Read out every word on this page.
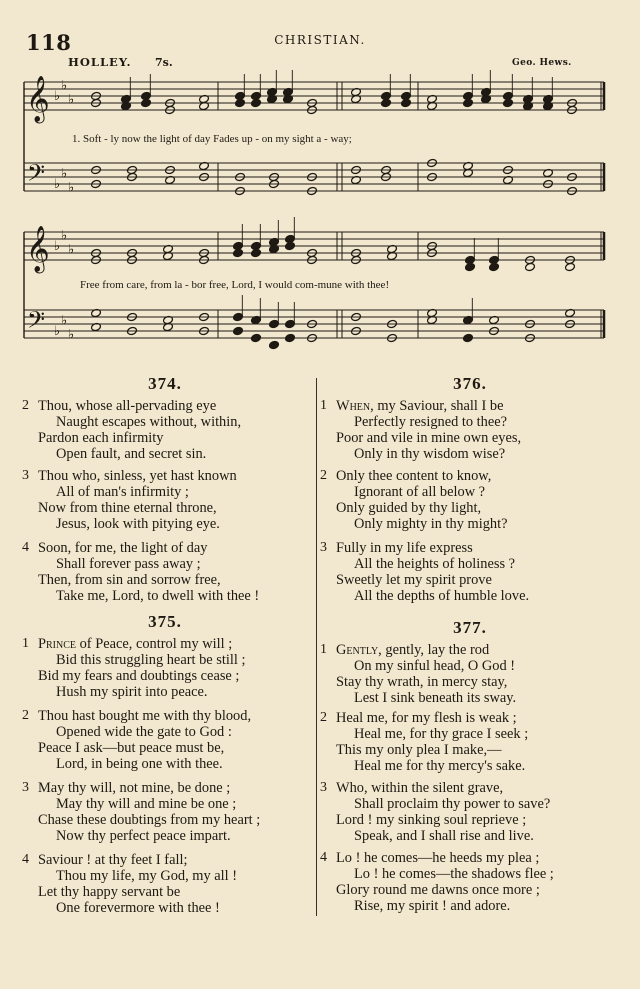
118	CHRISTIAN.
HOLLEY. 7s.	Geo. Hews.
𝄞
𝄢
♭
♭
♭
♭
♭
♭
𝄞
𝄢
♭
♭
♭
♭
♭
♭
1. Soft - ly now the light of day Fades up - on my sight a - way;
Free from care, from la - bor free, Lord, I would com-mune with thee!
374.
2 Thou, whose all-pervading eye
Naught escapes without, within,
Pardon each infirmity
Open fault, and secret sin.
3 Thou who, sinless, yet hast known
All of man's infirmity ;
Now from thine eternal throne,
Jesus, look with pitying eye.
4 Soon, for me, the light of day
Shall forever pass away ;
Then, from sin and sorrow free,
Take me, Lord, to dwell with thee !
375.
1 Prince of Peace, control my will ;
Bid this struggling heart be still ;
Bid my fears and doubtings cease ;
Hush my spirit into peace.
2 Thou hast bought me with thy blood,
Opened wide the gate to God :
Peace I ask—but peace must be,
Lord, in being one with thee.
3 May thy will, not mine, be done ;
May thy will and mine be one ;
Chase these doubtings from my heart ;
Now thy perfect peace impart.
4 Saviour ! at thy feet I fall;
Thou my life, my God, my all !
Let thy happy servant be
One forevermore with thee !
376.
1 When, my Saviour, shall I be
Perfectly resigned to thee?
Poor and vile in mine own eyes,
Only in thy wisdom wise?
2 Only thee content to know,
Ignorant of all below ?
Only guided by thy light,
Only mighty in thy might?
3 Fully in my life express
All the heights of holiness ?
Sweetly let my spirit prove
All the depths of humble love.
377.
1 Gently, gently, lay the rod
On my sinful head, O God !
Stay thy wrath, in mercy stay,
Lest I sink beneath its sway.
2 Heal me, for my flesh is weak ;
Heal me, for thy grace I seek ;
This my only plea I make,—
Heal me for thy mercy's sake.
3 Who, within the silent grave,
Shall proclaim thy power to save?
Lord ! my sinking soul reprieve ;
Speak, and I shall rise and live.
4 Lo ! he comes—he heeds my plea ;
Lo ! he comes—the shadows flee ;
Glory round me dawns once more ;
Rise, my spirit ! and adore.
